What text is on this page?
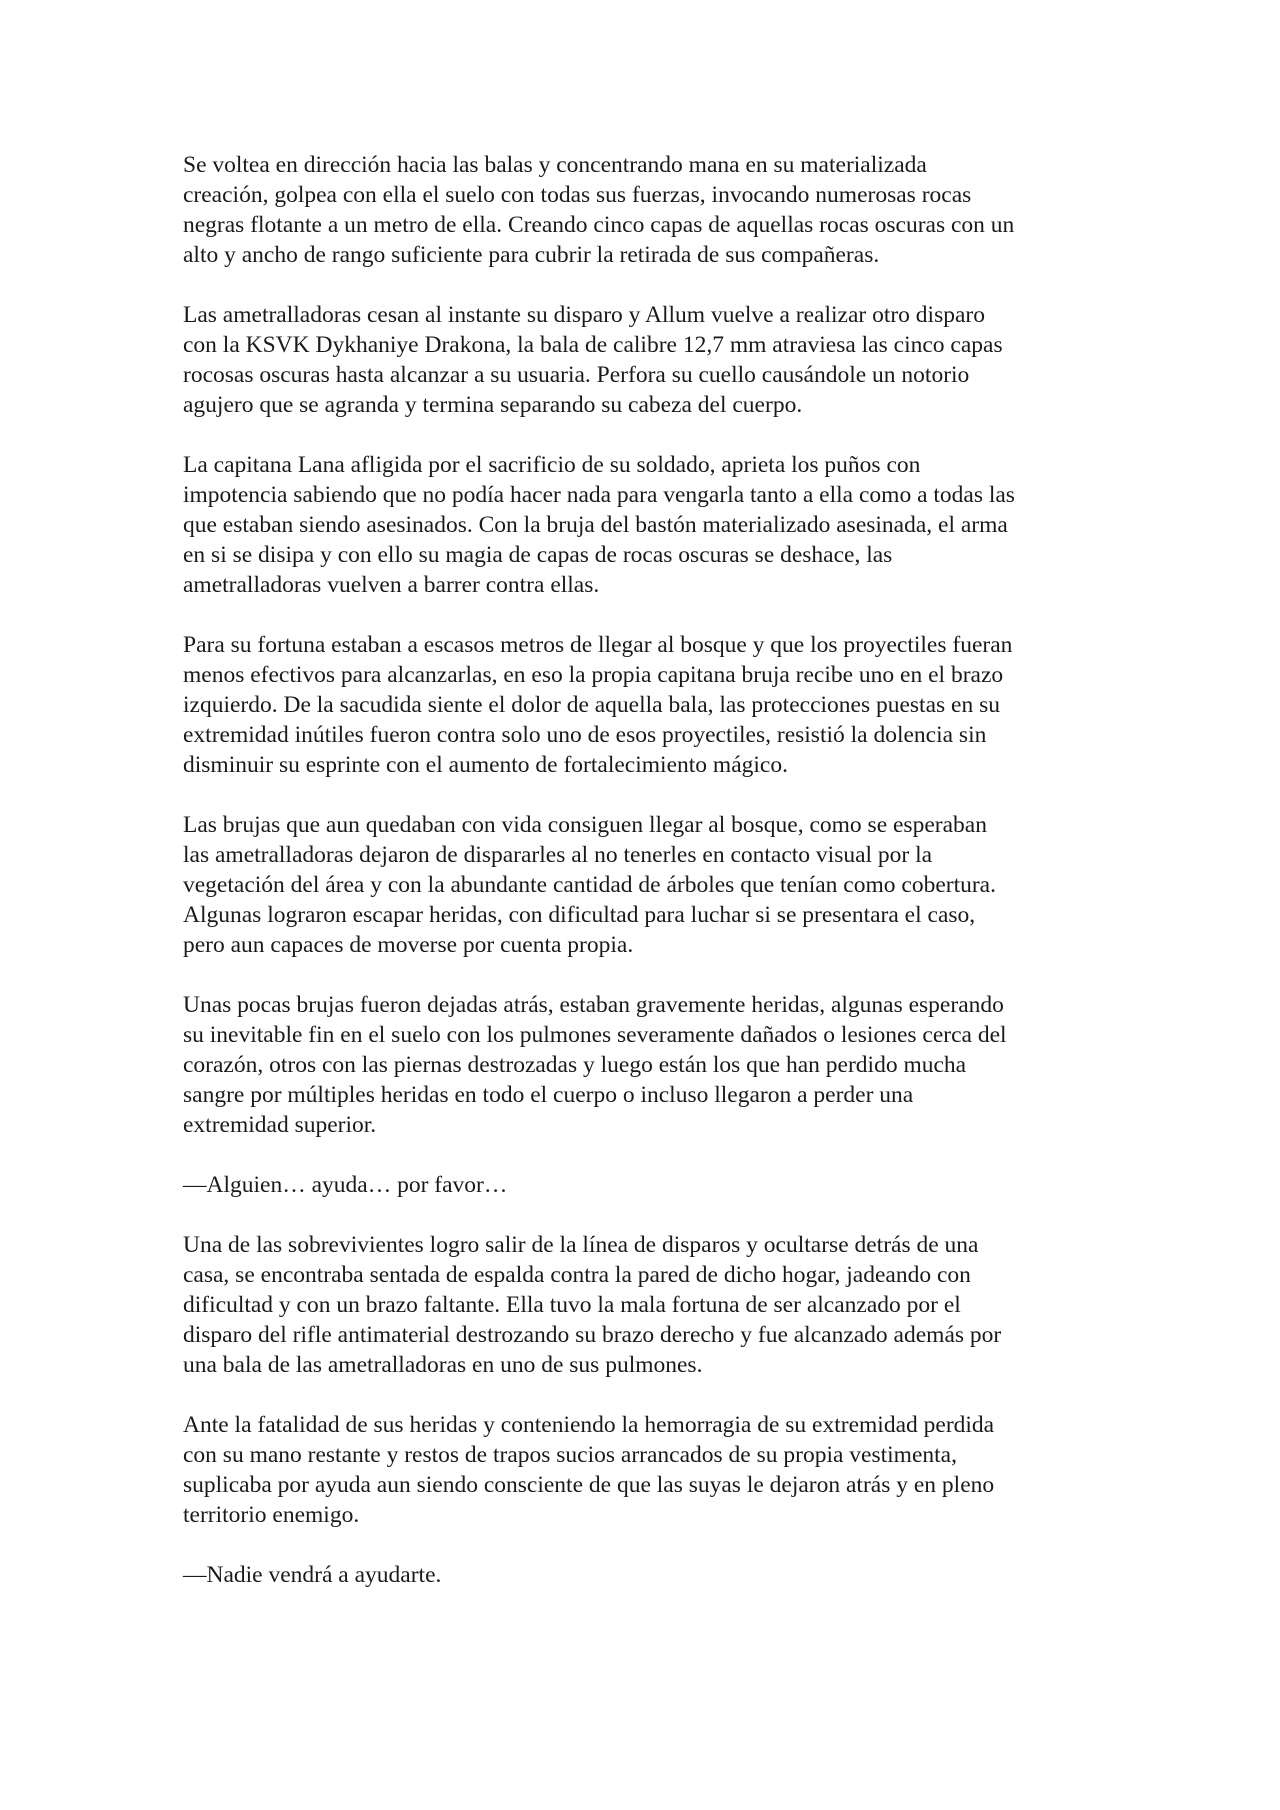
Se voltea en dirección hacia las balas y concentrando mana en su materializada
creación, golpea con ella el suelo con todas sus fuerzas, invocando numerosas rocas
negras flotante a un metro de ella. Creando cinco capas de aquellas rocas oscuras con un
alto y ancho de rango suficiente para cubrir la retirada de sus compañeras.

Las ametralladoras cesan al instante su disparo y Allum vuelve a realizar otro disparo
con la KSVK Dykhaniye Drakona, la bala de calibre 12,7 mm atraviesa las cinco capas
rocosas oscuras hasta alcanzar a su usuaria. Perfora su cuello causándole un notorio
agujero que se agranda y termina separando su cabeza del cuerpo.

La capitana Lana afligida por el sacrificio de su soldado, aprieta los puños con
impotencia sabiendo que no podía hacer nada para vengarla tanto a ella como a todas las
que estaban siendo asesinados. Con la bruja del bastón materializado asesinada, el arma
en si se disipa y con ello su magia de capas de rocas oscuras se deshace, las
ametralladoras vuelven a barrer contra ellas.

Para su fortuna estaban a escasos metros de llegar al bosque y que los proyectiles fueran
menos efectivos para alcanzarlas, en eso la propia capitana bruja recibe uno en el brazo
izquierdo. De la sacudida siente el dolor de aquella bala, las protecciones puestas en su
extremidad inútiles fueron contra solo uno de esos proyectiles, resistió la dolencia sin
disminuir su esprinte con el aumento de fortalecimiento mágico.

Las brujas que aun quedaban con vida consiguen llegar al bosque, como se esperaban
las ametralladoras dejaron de dispararles al no tenerles en contacto visual por la
vegetación del área y con la abundante cantidad de árboles que tenían como cobertura.
Algunas lograron escapar heridas, con dificultad para luchar si se presentara el caso,
pero aun capaces de moverse por cuenta propia.

Unas pocas brujas fueron dejadas atrás, estaban gravemente heridas, algunas esperando
su inevitable fin en el suelo con los pulmones severamente dañados o lesiones cerca del
corazón, otros con las piernas destrozadas y luego están los que han perdido mucha
sangre por múltiples heridas en todo el cuerpo o incluso llegaron a perder una
extremidad superior.

—Alguien… ayuda… por favor…

Una de las sobrevivientes logro salir de la línea de disparos y ocultarse detrás de una
casa, se encontraba sentada de espalda contra la pared de dicho hogar, jadeando con
dificultad y con un brazo faltante. Ella tuvo la mala fortuna de ser alcanzado por el
disparo del rifle antimaterial destrozando su brazo derecho y fue alcanzado además por
una bala de las ametralladoras en uno de sus pulmones.

Ante la fatalidad de sus heridas y conteniendo la hemorragia de su extremidad perdida
con su mano restante y restos de trapos sucios arrancados de su propia vestimenta,
suplicaba por ayuda aun siendo consciente de que las suyas le dejaron atrás y en pleno
territorio enemigo.

—Nadie vendrá a ayudarte.
